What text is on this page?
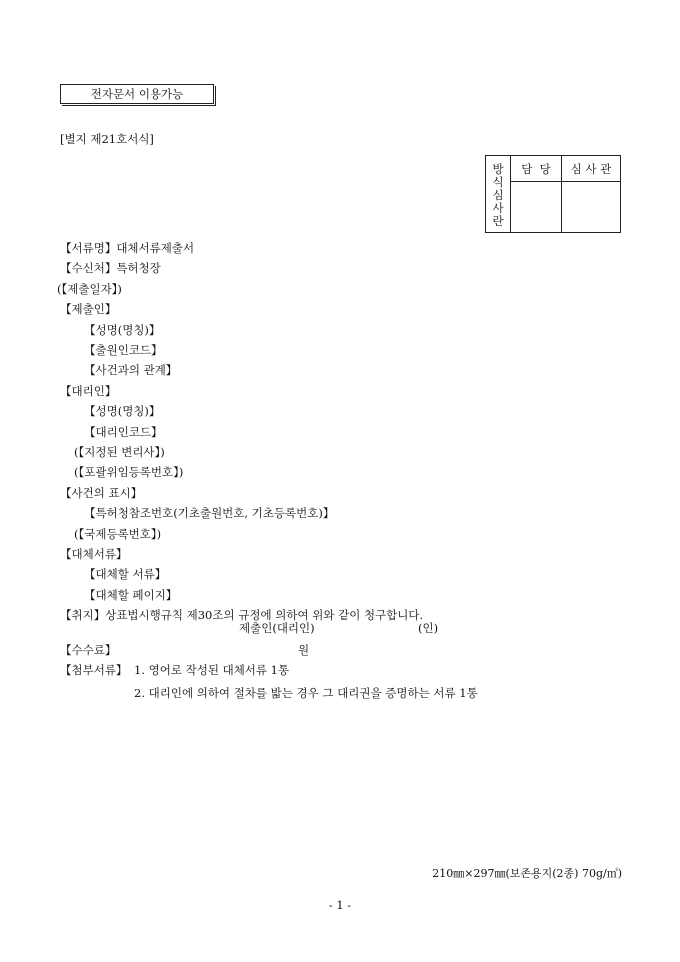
전자문서 이용가능
[별지 제21호서식]
방
식
심
사
란	담  당	심 사 관

【서류명】대체서류제출서
【수신처】특허청장
(【제출일자】)
【제출인】
【성명(명칭)】
【출원인코드】
【사건과의 관계】
【대리인】
【성명(명칭)】
【대리인코드】
(【지정된 변리사】)
(【포괄위임등록번호】)
【사건의 표시】
【특허청참조번호(기초출원번호, 기초등록번호)】
(【국제등록번호】)
【대체서류】
【대체할 서류】
【대체할 페이지】
【취지】상표법시행규칙 제30조의 규정에 의하여 위와 같이 청구합니다.
제출인(대리인)	(인)
【수수료】	원
【첨부서류】 1. 영어로 작성된 대체서류 1통
2. 대리인에 의하여 절차를 밟는 경우 그 대리권을 증명하는 서류 1통
210㎜×297㎜(보존용지(2종) 70g/㎡)
- 1 -
